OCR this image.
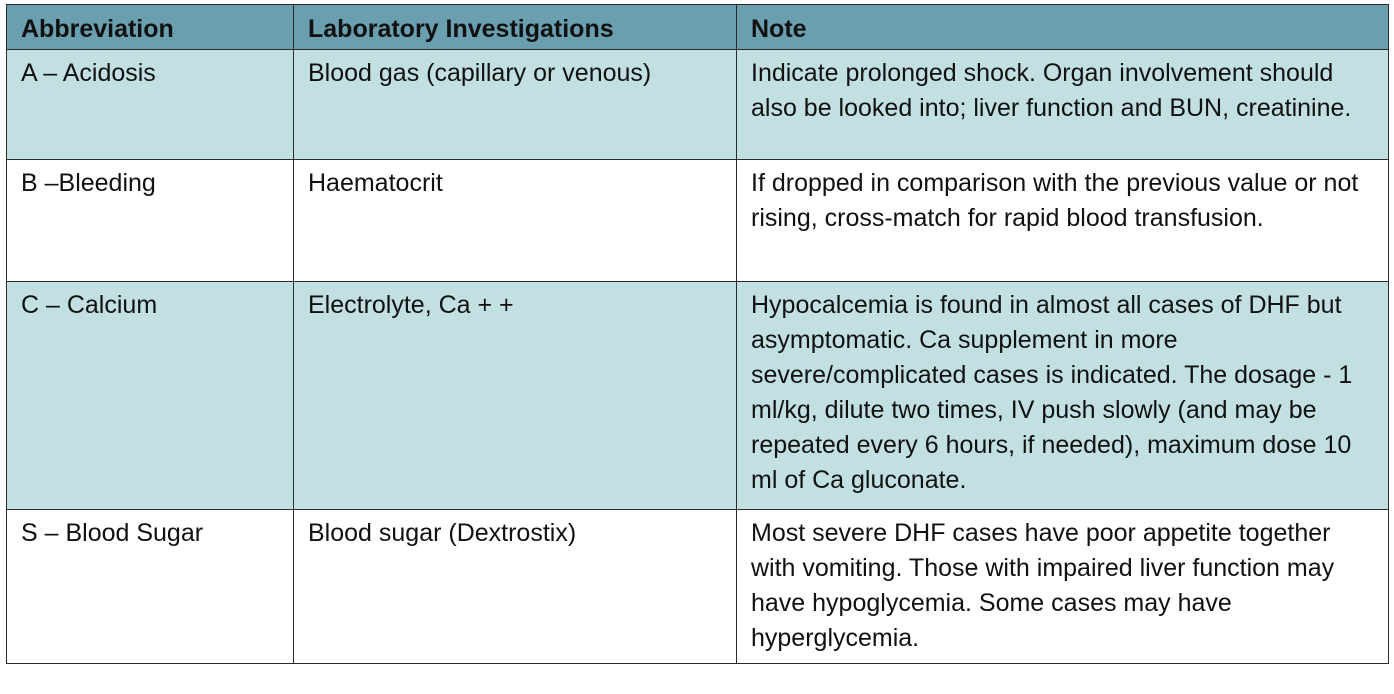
Abbreviation	Laboratory Investigations	Note
A – Acidosis	Blood gas (capillary or venous)	Indicate prolonged shock. Organ involvement should also be looked into; liver function and BUN, creatinine.
B –Bleeding	Haematocrit	If dropped in comparison with the previous value or not rising, cross-match for rapid blood transfusion.
C – Calcium	Electrolyte, Ca + +	Hypocalcemia is found in almost all cases of DHF but asymptomatic. Ca supplement in more severe/complicated cases is indicated. The dosage - 1 ml/kg, dilute two times, IV push slowly (and may be repeated every 6 hours, if needed), maximum dose 10 ml of Ca gluconate.
S – Blood Sugar	Blood sugar (Dextrostix)	Most severe DHF cases have poor appetite together with vomiting. Those with impaired liver function may have hypoglycemia. Some cases may have hyperglycemia.
